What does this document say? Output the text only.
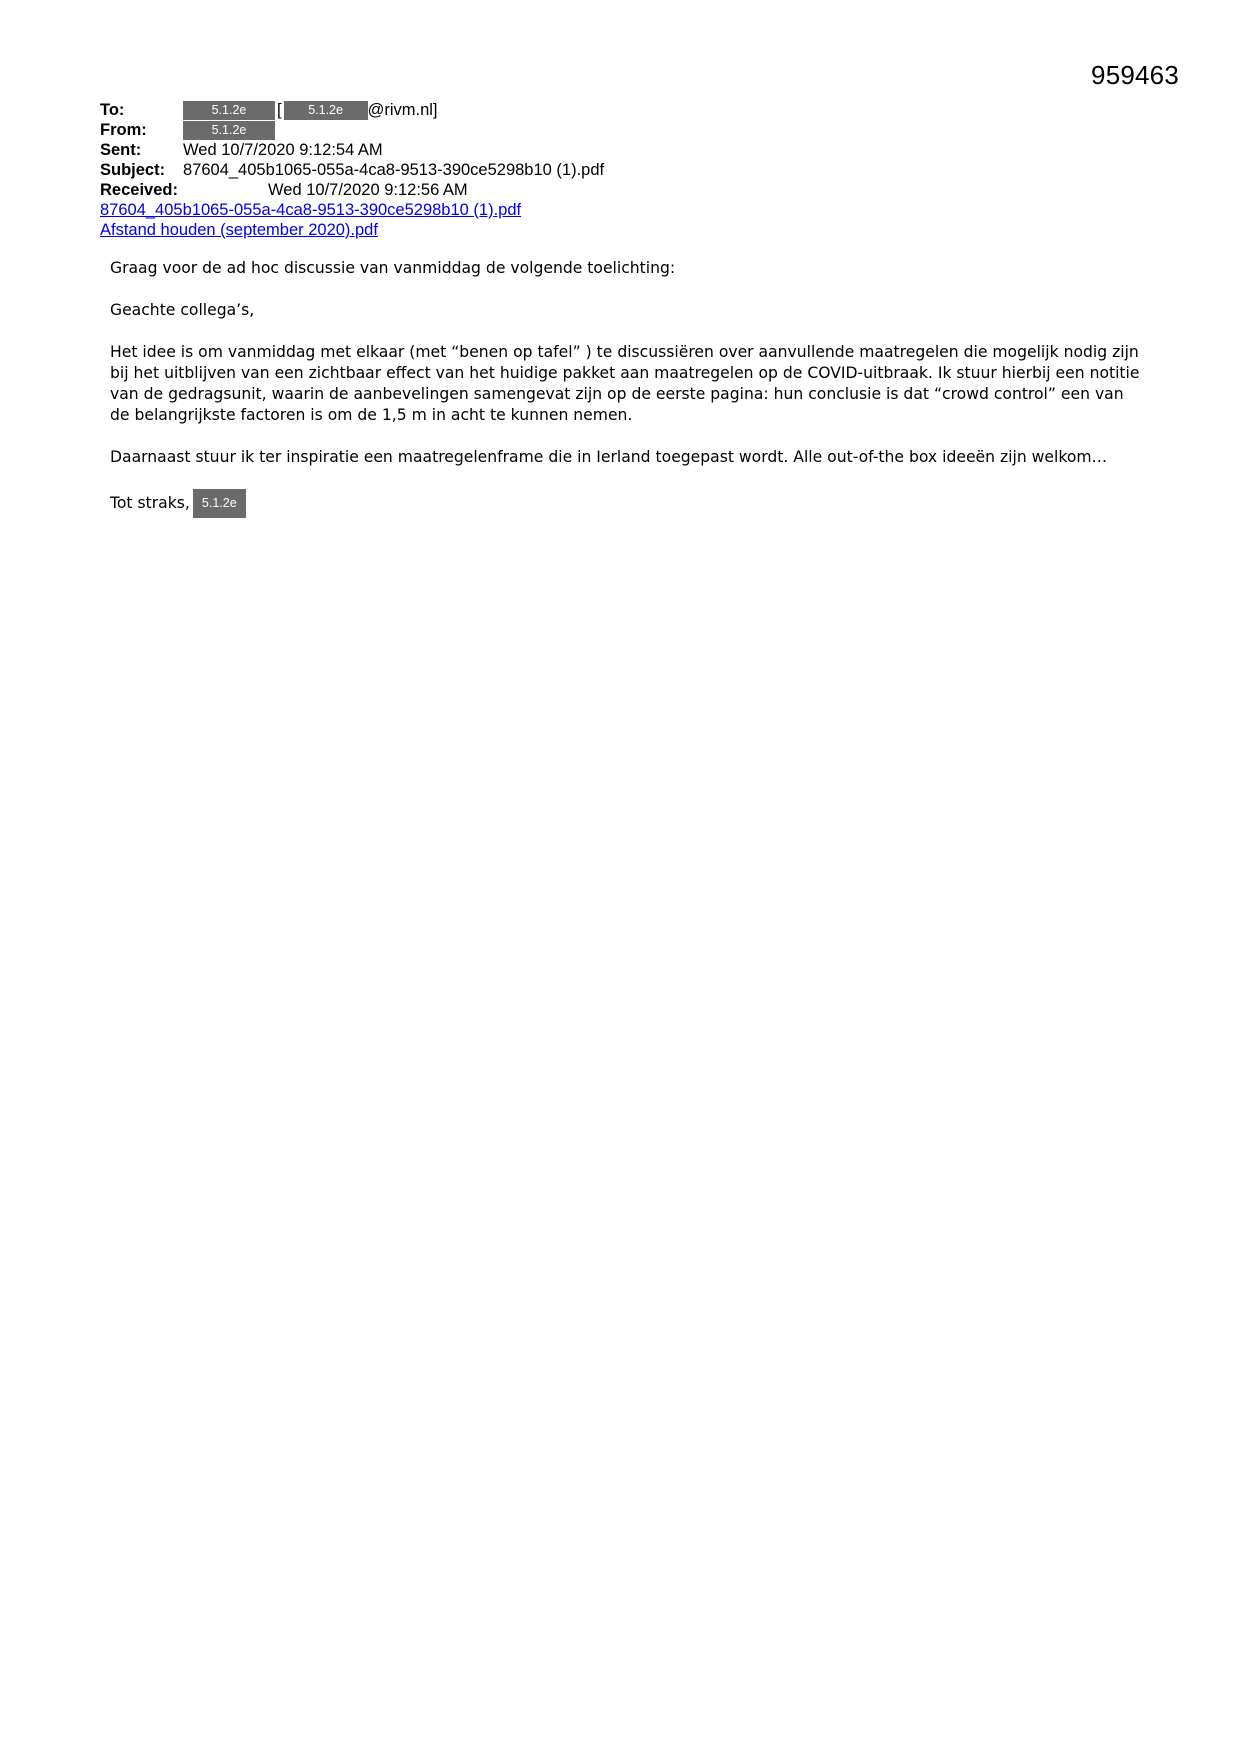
959463
To:	5.1.2e	[	5.1.2e	@rivm.nl]
From:	5.1.2e
Sent:	Wed 10/7/2020 9:12:54 AM
Subject:	87604_405b1065-055a-4ca8-9513-390ce5298b10 (1).pdf
Received:	Wed 10/7/2020 9:12:56 AM
87604_405b1065-055a-4ca8-9513-390ce5298b10 (1).pdf
Afstand houden (september 2020).pdf

Graag voor de ad hoc discussie van vanmiddag de volgende toelichting:

Geachte collega’s,

Het idee is om vanmiddag met elkaar (met “benen op tafel” ) te discussiëren over aanvullende maatregelen die mogelijk nodig zijn bij het uitblijven van een zichtbaar effect van het huidige pakket aan maatregelen op de COVID-uitbraak. Ik stuur hierbij een notitie van de gedragsunit, waarin de aanbevelingen samengevat zijn op de eerste pagina: hun conclusie is dat “crowd control” een van de belangrijkste factoren is om de 1,5 m in acht te kunnen nemen.

Daarnaast stuur ik ter inspiratie een maatregelenframe die in Ierland toegepast wordt. Alle out-of-the box ideeën zijn welkom…

Tot straks, 5.1.2e
